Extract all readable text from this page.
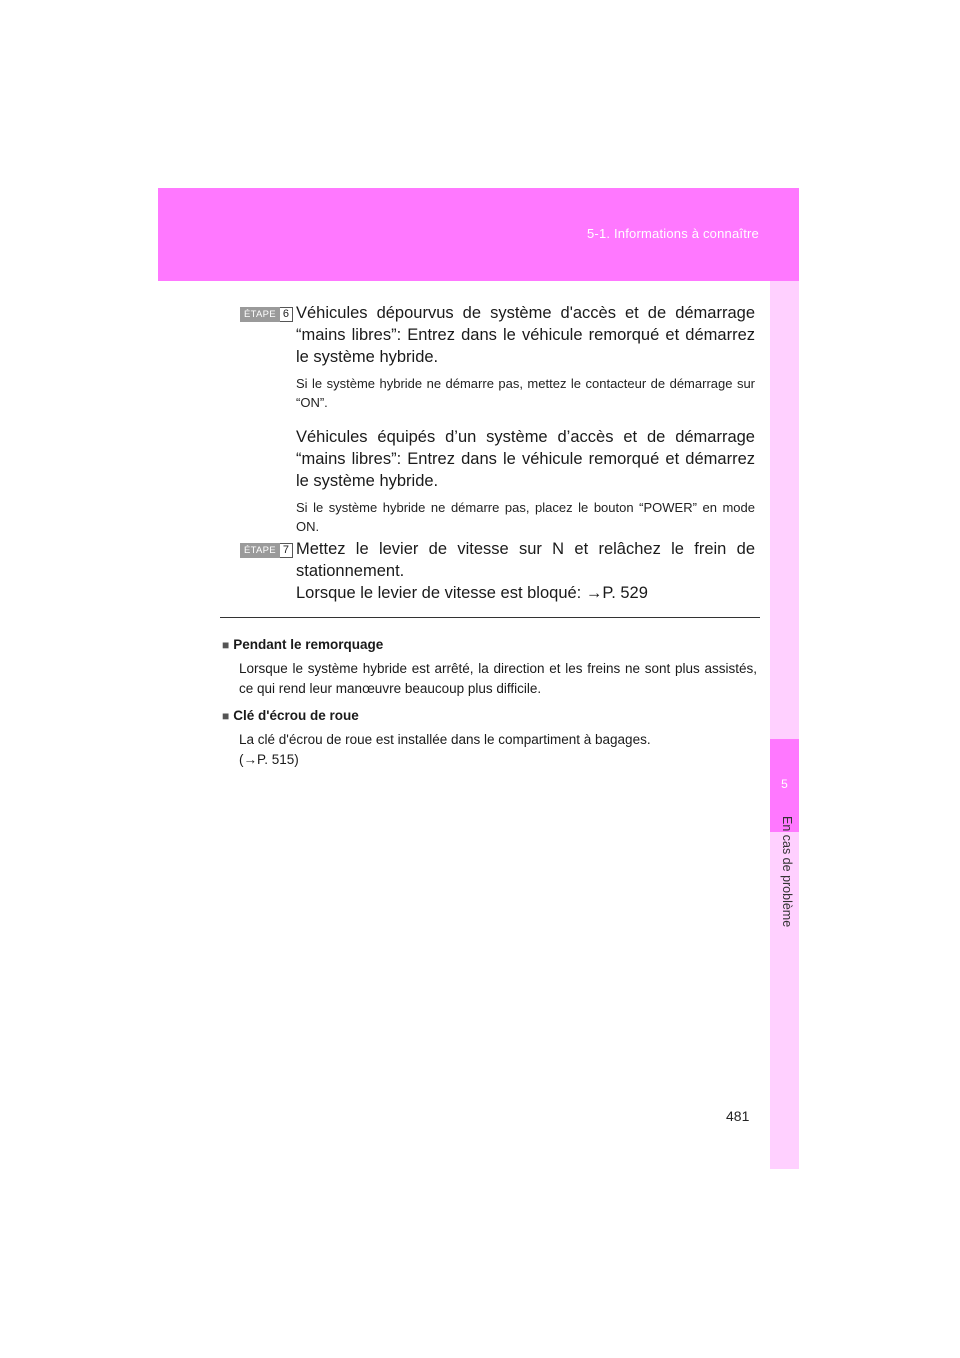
5-1. Informations à connaître
5
En cas de problème
ÉTAPE 6 Véhicules dépourvus de système d'accès et de démarrage “mains libres”: Entrez dans le véhicule remorqué et démarrez le système hybride.

Si le système hybride ne démarre pas, mettez le contacteur de démarrage sur “ON”.

Véhicules équipés d’un système d’accès et de démarrage “mains libres”: Entrez dans le véhicule remorqué et démarrez le système hybride.

Si le système hybride ne démarre pas, placez le bouton “POWER” en mode ON.

ÉTAPE 7 Mettez le levier de vitesse sur N et relâchez le frein de stationnement.

Lorsque le levier de vitesse est bloqué: →P. 529

■ Pendant le remorquage

Lorsque le système hybride est arrêté, la direction et les freins ne sont plus assistés, ce qui rend leur manœuvre beaucoup plus difficile.

■ Clé d'écrou de roue

La clé d'écrou de roue est installée dans le compartiment à bagages.

(→P. 515)

481
